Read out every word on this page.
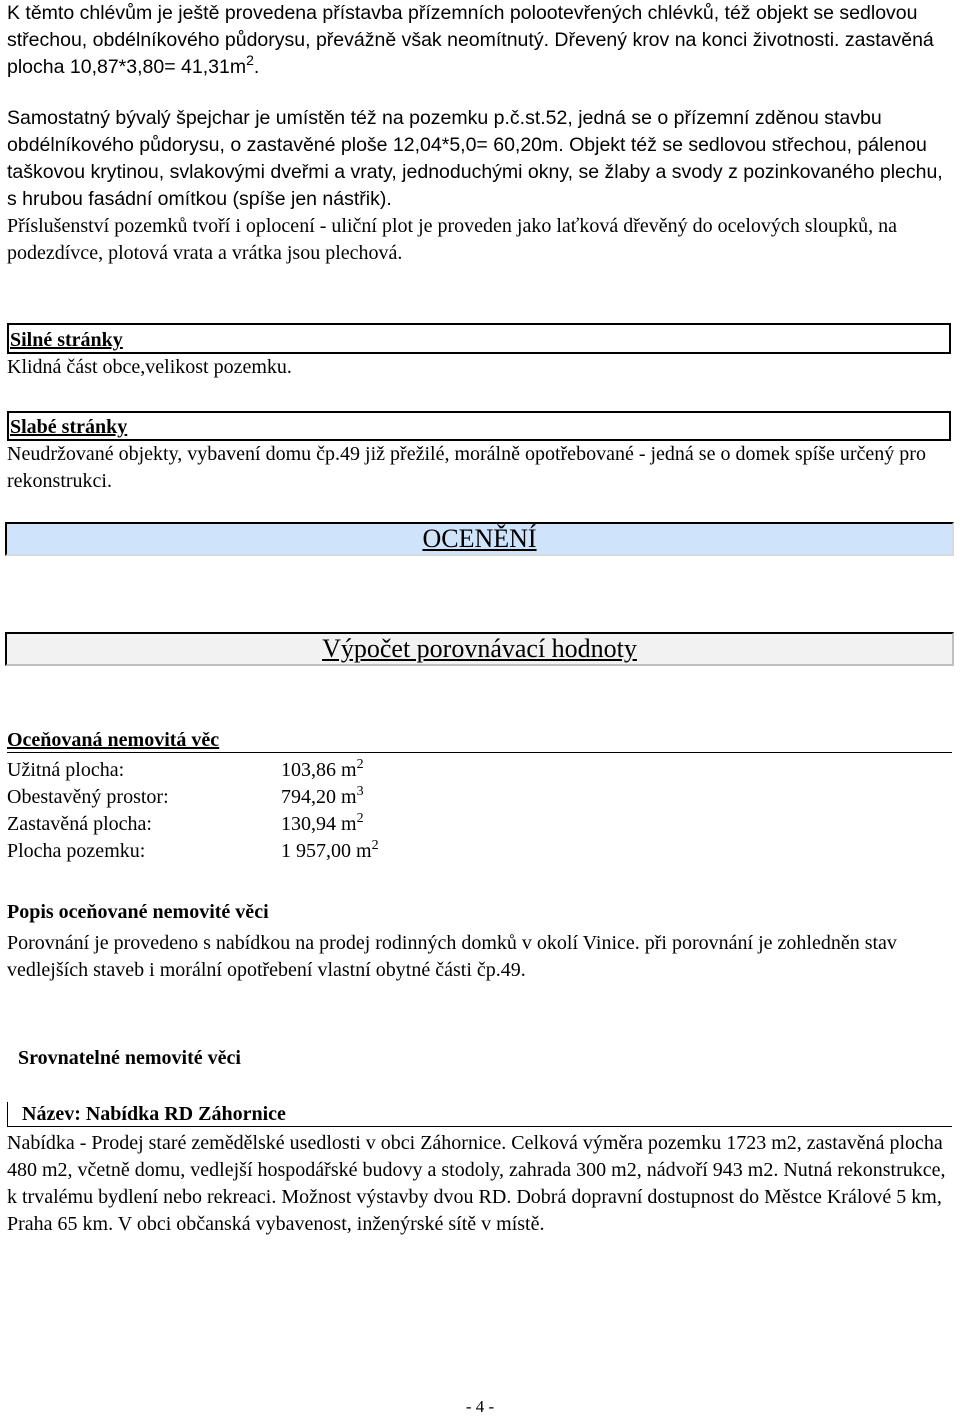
K těmto chlévům je ještě provedena přístavba přízemních polootevřených chlévků, též objekt se sedlovou střechou, obdélníkového půdorysu, převážně však neomítnutý. Dřevený krov na konci životnosti. zastavěná plocha $10,87*3,80= 41,31m^2$.

Samostatný bývalý špejchar je umístěn též na pozemku p.č.st.52, jedná se o přízemní zděnou stavbu obdélníkového půdorysu, o zastavěné ploše 12,04*5,0= 60,20m. Objekt též se sedlovou střechou, pálenou taškovou krytinou, svlakovými dveřmi a vraty, jednoduchými okny, se žlaby a svody z pozinkovaného plechu, s hrubou fasádní omítkou (spíše jen nástřik).

Příslušenství pozemků tvoří i oplocení - uliční plot je proveden jako laťková dřevěný do ocelových sloupků, na podezdívce, plotová vrata a vrátka jsou plechová.

Silné stránky

Klidná část obce,velikost pozemku.

Slabé stránky

Neudržované objekty, vybavení domu čp.49 již přežilé, morálně opotřebované - jedná se o domek spíše určený pro rekonstrukci.

OCENĚNÍ
Výpočet porovnávací hodnoty
Oceňovaná nemovitá věc
Užitná plocha:	103,86 $m^2$
Obestavěný prostor:	794,20 $m^3$
Zastavěná plocha:	130,94 $m^2$
Plocha pozemku:	1 957,00 $m^2$

Popis oceňované nemovité věci

Porovnání je provedeno s nabídkou na prodej rodinných domků v okolí Vinice. při porovnání je zohledněn stav vedlejších staveb i morální opotřebení vlastní obytné části čp.49.

Srovnatelné nemovité věci

Název: Nabídka RD Záhornice

Nabídka - Prodej staré zemědělské usedlosti v obci Záhornice. Celková výměra pozemku 1723 m2, zastavěná plocha 480 m2, včetně domu, vedlejší hospodářské budovy a stodoly, zahrada 300 m2, nádvoří 943 m2. Nutná rekonstrukce, k trvalému bydlení nebo rekreaci. Možnost výstavby dvou RD. Dobrá dopravní dostupnost do Městce Králové 5 km, Praha 65 km. V obci občanská vybavenost, inženýrské sítě v místě.

- 4 -
